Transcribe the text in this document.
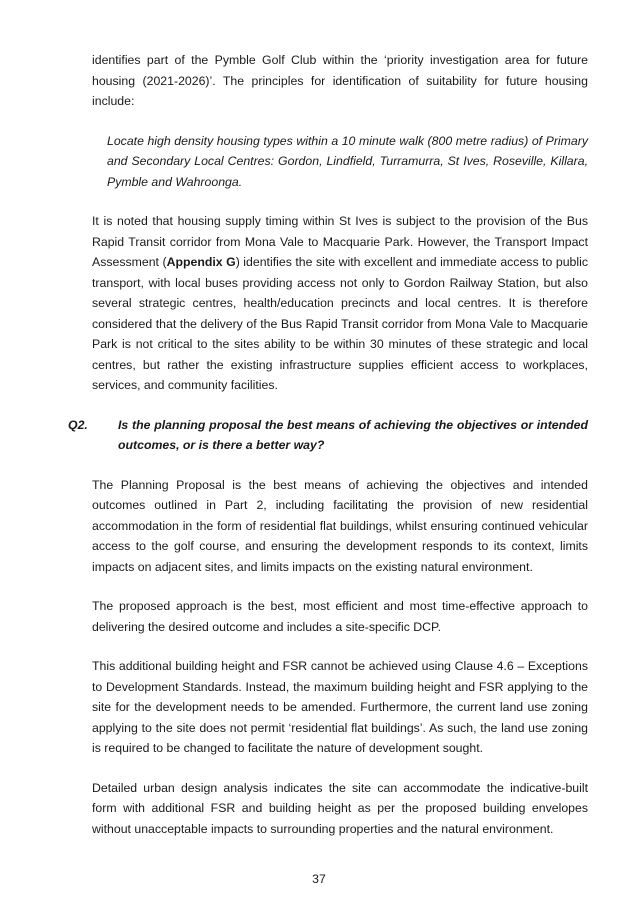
identifies part of the Pymble Golf Club within the ‘priority investigation area for future housing (2021-2026)’. The principles for identification of suitability for future housing include:

Locate high density housing types within a 10 minute walk (800 metre radius) of Primary and Secondary Local Centres: Gordon, Lindfield, Turramurra, St Ives, Roseville, Killara, Pymble and Wahroonga.

It is noted that housing supply timing within St Ives is subject to the provision of the Bus Rapid Transit corridor from Mona Vale to Macquarie Park. However, the Transport Impact Assessment (Appendix G) identifies the site with excellent and immediate access to public transport, with local buses providing access not only to Gordon Railway Station, but also several strategic centres, health/education precincts and local centres. It is therefore considered that the delivery of the Bus Rapid Transit corridor from Mona Vale to Macquarie Park is not critical to the sites ability to be within 30 minutes of these strategic and local centres, but rather the existing infrastructure supplies efficient access to workplaces, services, and community facilities.

Q2. Is the planning proposal the best means of achieving the objectives or intended outcomes, or is there a better way?

The Planning Proposal is the best means of achieving the objectives and intended outcomes outlined in Part 2, including facilitating the provision of new residential accommodation in the form of residential flat buildings, whilst ensuring continued vehicular access to the golf course, and ensuring the development responds to its context, limits impacts on adjacent sites, and limits impacts on the existing natural environment.

The proposed approach is the best, most efficient and most time-effective approach to delivering the desired outcome and includes a site-specific DCP.

This additional building height and FSR cannot be achieved using Clause 4.6 – Exceptions to Development Standards. Instead, the maximum building height and FSR applying to the site for the development needs to be amended. Furthermore, the current land use zoning applying to the site does not permit ‘residential flat buildings’. As such, the land use zoning is required to be changed to facilitate the nature of development sought.

Detailed urban design analysis indicates the site can accommodate the indicative-built form with additional FSR and building height as per the proposed building envelopes without unacceptable impacts to surrounding properties and the natural environment.

37
